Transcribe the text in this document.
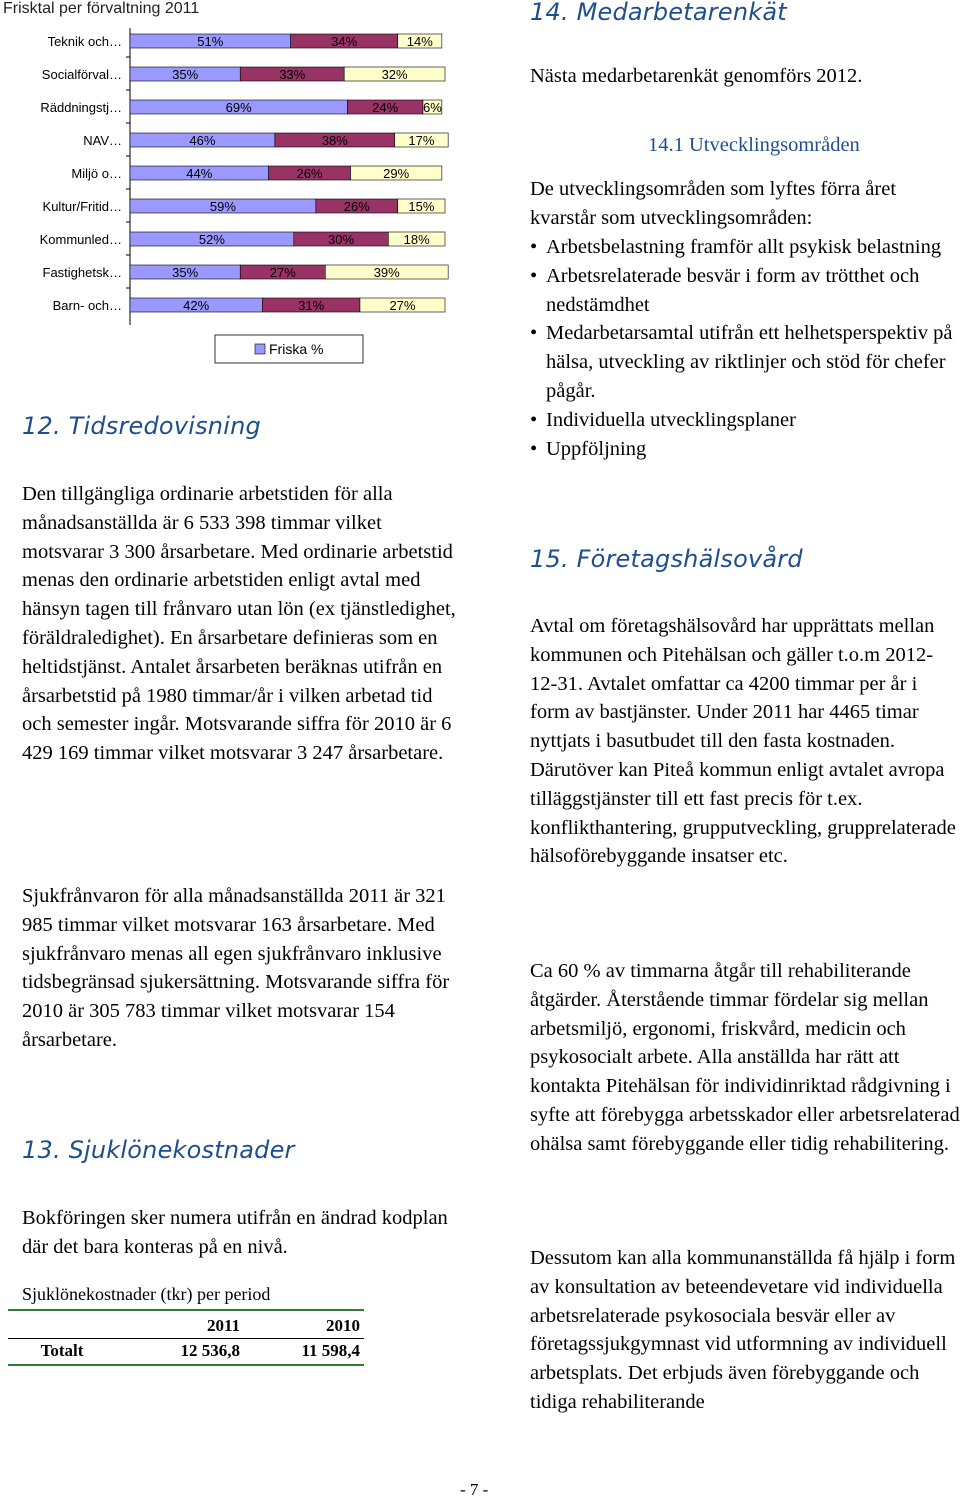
Frisktal per förvaltning 2011
Teknik och…	51%	34%	14%
Socialförval…	35%	33%	32%
Räddningstj…	69%	24% 6%
NAV…	46%	38%	17%
Miljö o…	44%	26%	29%
Kultur/Fritid…	59%	26%	15%
Kommunled…	52%	30%	18%
Fastighetsk…	35%	27%	39%
Barn- och…	42%	31%	27%
Friska %
12. Tidsredovisning

Den tillgängliga ordinarie arbetstiden för alla månadsanställda är 6 533 398 timmar vilket motsvarar 3 300 årsarbetare. Med ordinarie arbetstid menas den ordinarie arbetstiden enligt avtal med hänsyn tagen till frånvaro utan lön (ex tjänstledighet, föräldraledighet). En årsarbetare definieras som en heltidstjänst. Antalet årsarbeten beräknas utifrån en årsarbetstid på 1980 timmar/år i vilken arbetad tid och semester ingår. Motsvarande siffra för 2010 är 6 429 169 timmar vilket motsvarar 3 247 årsarbetare.

Sjukfrånvaron för alla månadsanställda 2011 är 321 985 timmar vilket motsvarar 163 årsarbetare. Med sjukfrånvaro menas all egen sjukfrånvaro inklusive tidsbegränsad sjukersättning. Motsvarande siffra för 2010 är 305 783 timmar vilket motsvarar 154 årsarbetare.

13. Sjuklönekostnader

Bokföringen sker numera utifrån en ändrad kodplan där det bara konteras på en nivå.

Sjuklönekostnader (tkr) per period
	2011	2010
Totalt	12 536,8	11 598,4
14. Medarbetarenkät

Nästa medarbetarenkät genomförs 2012.

14.1 Utvecklingsområden

De utvecklingsområden som lyftes förra året kvarstår som utvecklingsområden:

• Arbetsbelastning framför allt psykisk belastning
• Arbetsrelaterade besvär i form av trötthet och nedstämdhet
• Medarbetarsamtal utifrån ett helhetsperspektiv på hälsa, utveckling av riktlinjer och stöd för chefer pågår.
• Individuella utvecklingsplaner
• Uppföljning
15. Företagshälsovård

Avtal om företagshälsovård har upprättats mellan kommunen och Pitehälsan och gäller t.o.m 2012-12-31. Avtalet omfattar ca 4200 timmar per år i form av bastjänster. Under 2011 har 4465 timar nyttjats i basutbudet till den fasta kostnaden. Därutöver kan Piteå kommun enligt avtalet avropa tilläggstjänster till ett fast precis för t.ex. konflikthantering, grupputveckling, grupprelaterade hälsoförebyggande insatser etc.

Ca 60 % av timmarna åtgår till rehabiliterande åtgärder. Återstående timmar fördelar sig mellan arbetsmiljö, ergonomi, friskvård, medicin och psykosocialt arbete. Alla anställda har rätt att kontakta Pitehälsan för individinriktad rådgivning i syfte att förebygga arbetsskador eller arbetsrelaterad ohälsa samt förebyggande eller tidig rehabilitering.

Dessutom kan alla kommunanställda få hjälp i form av konsultation av beteendevetare vid individuella arbetsrelaterade psykosociala besvär eller av företagssjukgymnast vid utformning av individuell arbetsplats. Det erbjuds även förebyggande och tidiga rehabiliterande

- 7 -
